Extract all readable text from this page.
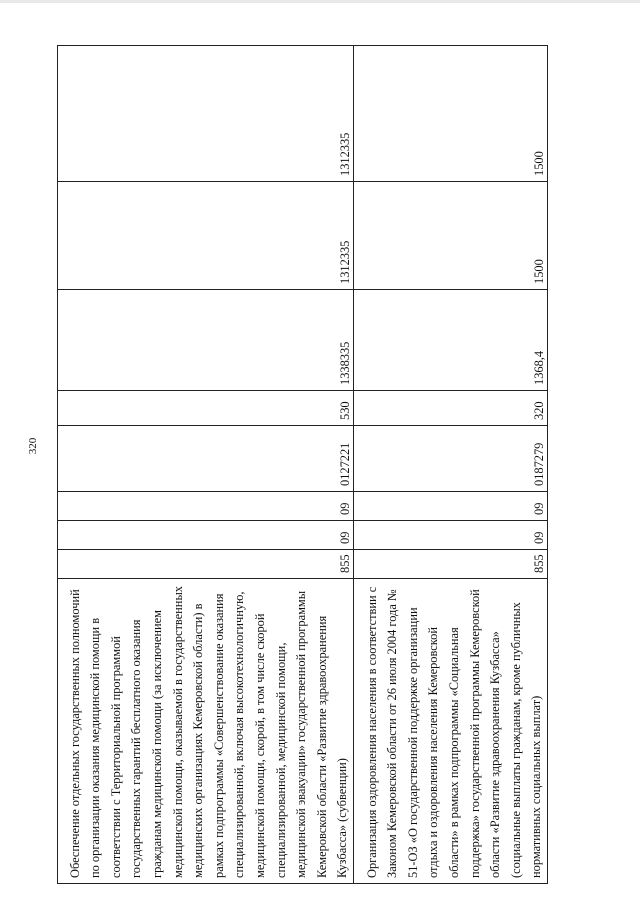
320
Обеспечение отдельных государственных полномочий по организации оказания медицинской помощи в соответствии с Территориальной программой государственных гарантий бесплатного оказания гражданам медицинской помощи (за исключением медицинской помощи, оказываемой в государственных медицинских организациях Кемеровской области) в рамках подпрограммы «Совершенствование оказания специализированной, включая высокотехнологичную, медицинской помощи, скорой, в том числе скорой специализированной, медицинской помощи, медицинской эвакуации» государственной программы Кемеровской области «Развитие здравоохранения Кузбасса» (субвенции)	855	09	09	0127221	530	1338335	1312335	1312335
Организация оздоровления населения в соответствии с Законом Кемеровской области от 26 июля 2004 года № 51-ОЗ «О государственной поддержке организации отдыха и оздоровления населения Кемеровской области» в рамках подпрограммы «Социальная поддержка» государственной программы Кемеровской области «Развитие здравоохранения Кузбасса» (социальные выплаты гражданам, кроме публичных нормативных социальных выплат)	855	09	09	0187279	320	1368,4	1500	1500
